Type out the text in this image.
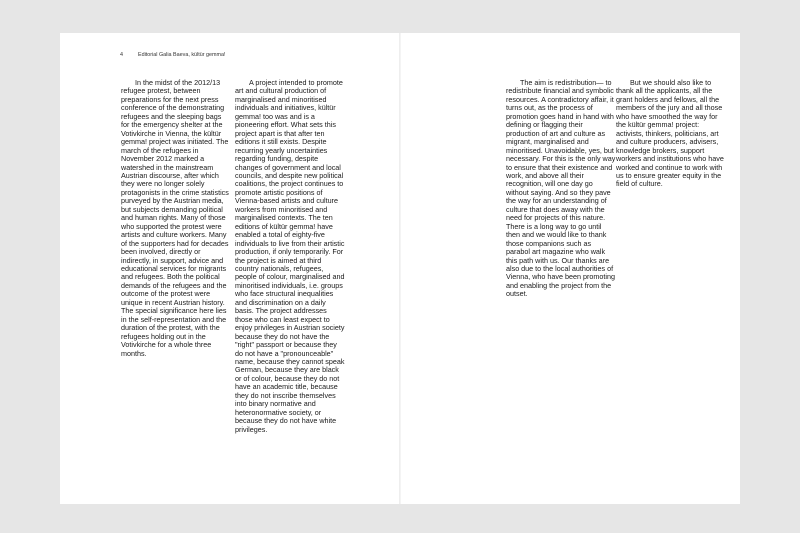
4	Editorial Galia Baeva, kültür gemma!

In the midst of the 2012/13 refugee protest, between preparations for the next press conference of the demonstrating refugees and the sleeping bags for the emergency shelter at the Votivkirche in Vienna, the kültür gemma! project was initiated. The march of the refugees in November 2012 marked a watershed in the mainstream Austrian discourse, after which they were no longer solely protagonists in the crime statistics purveyed by the Austrian media, but subjects demanding political and human rights. Many of those who supported the protest were artists and culture workers. Many of the supporters had for decades been involved, directly or indirectly, in support, advice and educational services for migrants and refugees. Both the political demands of the refugees and the outcome of the protest were unique in recent Austrian history. The special significance here lies in the self-representation and the duration of the protest, with the refugees holding out in the Votivkirche for a whole three months.

A project intended to promote art and cultural production of marginalised and minoritised individuals and initiatives, kültür gemma! too was and is a pioneering effort. What sets this project apart is that after ten editions it still exists. Despite recurring yearly uncertainties regarding funding, despite changes of government and local councils, and despite new political coalitions, the project continues to promote artistic positions of Vienna-based artists and culture workers from minoritised and marginalised contexts. The ten editions of kültür gemma! have enabled a total of eighty-five individuals to live from their artistic production, if only temporarily. For the project is aimed at third country nationals, refugees, people of colour, marginalised and minoritised individuals, i.e. groups who face structural inequalities and discrimination on a daily basis. The project addresses those who can least expect to enjoy privileges in Austrian society because they do not have the "right" passport or because they do not have a "pronounceable" name, because they cannot speak German, because they are black or of colour, because they do not have an academic title, because they do not inscribe themselves into binary normative and heteronormative society, or because they do not have white privileges.

The aim is redistribution— to redistribute financial and symbolic resources. A contradictory affair, it turns out, as the process of promotion goes hand in hand with defining or flagging their production of art and culture as migrant, marginalised and minoritised. Unavoidable, yes, but necessary. For this is the only way to ensure that their existence and work, and above all their recognition, will one day go without saying. And so they pave the way for an understanding of culture that does away with the need for projects of this nature. There is a long way to go until then and we would like to thank those companions such as parabol art magazine who walk this path with us. Our thanks are also due to the local authorities of Vienna, who have been promoting and enabling the project from the outset.

But we should also like to thank all the applicants, all the grant holders and fellows, all the members of the jury and all those who have smoothed the way for the kültür gemma! project: activists, thinkers, politicians, art and culture producers, advisers, knowledge brokers, support workers and institutions who have worked and continue to work with us to ensure greater equity in the field of culture.
